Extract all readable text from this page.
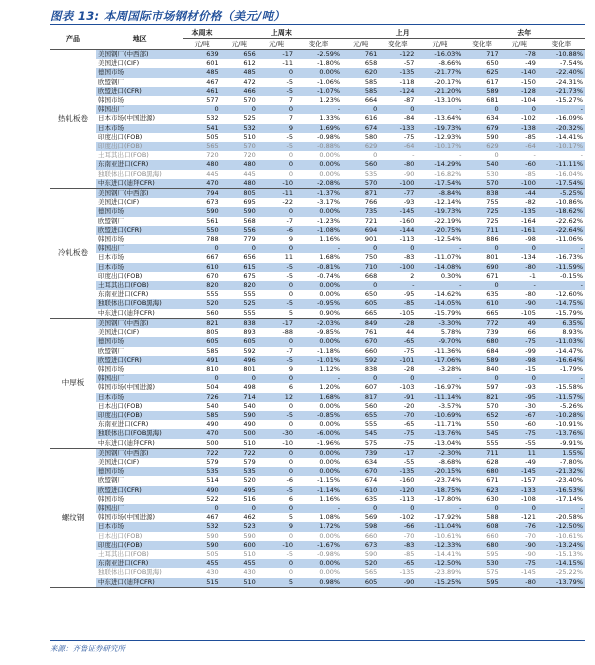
图表 13: 本周国际市场钢材价格（美元/吨）
产品	地区	本周末	上周末			上月			去年		
		元/吨	元/吨	元/吨	变化率	元/吨	变化率	元/吨	变化率	元/吨	变化率
热轧板卷	美国钢厂(中西部)	639	656	-17	-2.59%	761	-122	-16.03%	717	-78	-10.88%
	美国进口(CIF)	601	612	-11	-1.80%	658	-57	-8.66%	650	-49	-7.54%
	德国市场	485	485	0	0.00%	620	-135	-21.77%	625	-140	-22.40%
	欧盟钢厂	467	472	-5	-1.06%	585	-118	-20.17%	617	-150	-24.31%
	欧盟进口(CFR)	461	466	-5	-1.07%	585	-124	-21.20%	589	-128	-21.73%
	韩国市场	577	570	7	1.23%	664	-87	-13.10%	681	-104	-15.27%
	韩国出厂	0	0	0	-	0	0	-	0	0	-
	日本市场(中国进源)	532	525	7	1.33%	616	-84	-13.64%	634	-102	-16.09%
	日本市场	541	532	9	1.69%	674	-133	-19.73%	679	-138	-20.32%
	印度出口(FOB)	505	510	-5	-0.98%	580	-75	-12.93%	590	-85	-14.41%
	印度出口(FOB)	565	570	-5	-0.88%	629	-64	-10.17%	629	-64	-10.17%
	土耳其出口(FOB)	720	720	0	0.00%	0	-	-	0	-	-
	东南亚进口(CFR)	480	480	0	0.00%	560	-80	-14.29%	540	-60	-11.11%
	独联体出口(FOB黑海)	445	445	0	0.00%	535	-90	-16.82%	530	-85	-16.04%
	中东进口(迪拜CFR)	470	480	-10	-2.08%	570	-100	-17.54%	570	-100	-17.54%
冷轧板卷	美国钢厂(中西部)	794	805	-11	-1.37%	871	-77	-8.84%	838	-44	-5.25%
	美国进口(CIF)	673	695	-22	-3.17%	766	-93	-12.14%	755	-82	-10.86%
	德国市场	590	590	0	0.00%	735	-145	-19.73%	725	-135	-18.62%
	欧盟钢厂	561	568	-7	-1.23%	721	-160	-22.19%	725	-164	-22.62%
	欧盟进口(CFR)	550	556	-6	-1.08%	694	-144	-20.75%	711	-161	-22.64%
	韩国市场	788	779	9	1.16%	901	-113	-12.54%	886	-98	-11.06%
	韩国出厂	0	0	0	-	0	0	-	0	0	-
	日本市场	667	656	11	1.68%	750	-83	-11.07%	801	-134	-16.73%
	日本市场	610	615	-5	-0.81%	710	-100	-14.08%	690	-80	-11.59%
	印度出口(FOB)	670	675	-5	-0.74%	668	2	0.30%	671	-1	-0.15%
	土耳其出口(FOB)	820	820	0	0.00%	0	-	-	0	-	-
	东南亚进口(CFR)	555	555	0	0.00%	650	-95	-14.62%	635	-80	-12.60%
	独联体出口(FOB黑海)	520	525	-5	-0.95%	605	-85	-14.05%	610	-90	-14.75%
	中东进口(迪拜CFR)	560	555	5	0.90%	665	-105	-15.79%	665	-105	-15.79%
中厚板	美国钢厂(中西部)	821	838	-17	-2.03%	849	-28	-3.30%	772	49	6.35%
	美国进口(CIF)	805	893	-88	-9.85%	761	44	5.78%	739	66	8.93%
	德国市场	605	605	0	0.00%	670	-65	-9.70%	680	-75	-11.03%
	欧盟钢厂	585	592	-7	-1.18%	660	-75	-11.36%	684	-99	-14.47%
	欧盟进口(CFR)	491	496	-5	-1.01%	592	-101	-17.06%	589	-98	-16.64%
	韩国市场	810	801	9	1.12%	838	-28	-3.28%	840	-15	-1.79%
	韩国出厂	0	0	0	-	0	0	-	0	0	-
	韩国市场(中国进源)	504	498	6	1.20%	607	-103	-16.97%	597	-93	-15.58%
	日本市场	726	714	12	1.68%	817	-91	-11.14%	821	-95	-11.57%
	日本出口(FOB)	540	540	0	0.00%	560	-20	-3.57%	570	-30	-5.26%
	印度出口(FOB)	585	590	-5	-0.85%	655	-70	-10.69%	652	-67	-10.28%
	东南亚进口(CFR)	490	490	0	0.00%	555	-65	-11.71%	550	-60	-10.91%
	独联体出口(FOB黑海)	470	500	-30	-6.00%	545	-75	-13.76%	545	-75	-13.76%
	中东进口(迪拜CFR)	500	510	-10	-1.96%	575	-75	-13.04%	555	-55	-9.91%
螺纹钢	美国钢厂(中西部)	722	722	0	0.00%	739	-17	-2.30%	711	11	1.55%
	美国进口(CIF)	579	579	0	0.00%	634	-55	-8.68%	628	-49	-7.80%
	德国市场	535	535	0	0.00%	670	-135	-20.15%	680	-145	-21.32%
	欧盟钢厂	514	520	-6	-1.15%	674	-160	-23.74%	671	-157	-23.40%
	欧盟进口(CFR)	490	495	-5	-1.14%	610	-120	-18.75%	623	-133	-16.53%
	韩国市场	522	516	6	1.16%	635	-113	-17.80%	630	-108	-17.14%
	韩国出厂	0	0	0	-	0	0	-	0	0	-
	韩国市场(中国进源)	467	462	5	1.08%	569	-102	-17.92%	588	-121	-20.58%
	日本市场	532	523	9	1.72%	598	-66	-11.04%	608	-76	-12.50%
	日本出口(FOB)	590	590	0	0.00%	660	-70	-10.61%	660	-70	-10.61%
	印度出口(FOB)	590	600	-10	-1.67%	673	-83	-12.33%	680	-90	-13.24%
	土耳其出口(FOB)	505	510	-5	-0.98%	590	-85	-14.41%	595	-90	-15.13%
	东南亚进口(CFR)	455	455	0	0.00%	520	-65	-12.50%	530	-75	-14.15%
	独联体出口(FOB黑海)	430	430	0	0.00%	565	-135	-23.89%	575	-145	-25.22%
	中东进口(迪拜CFR)	515	510	5	0.98%	605	-90	-15.25%	595	-80	-13.79%
来源：齐鲁证券研究所
